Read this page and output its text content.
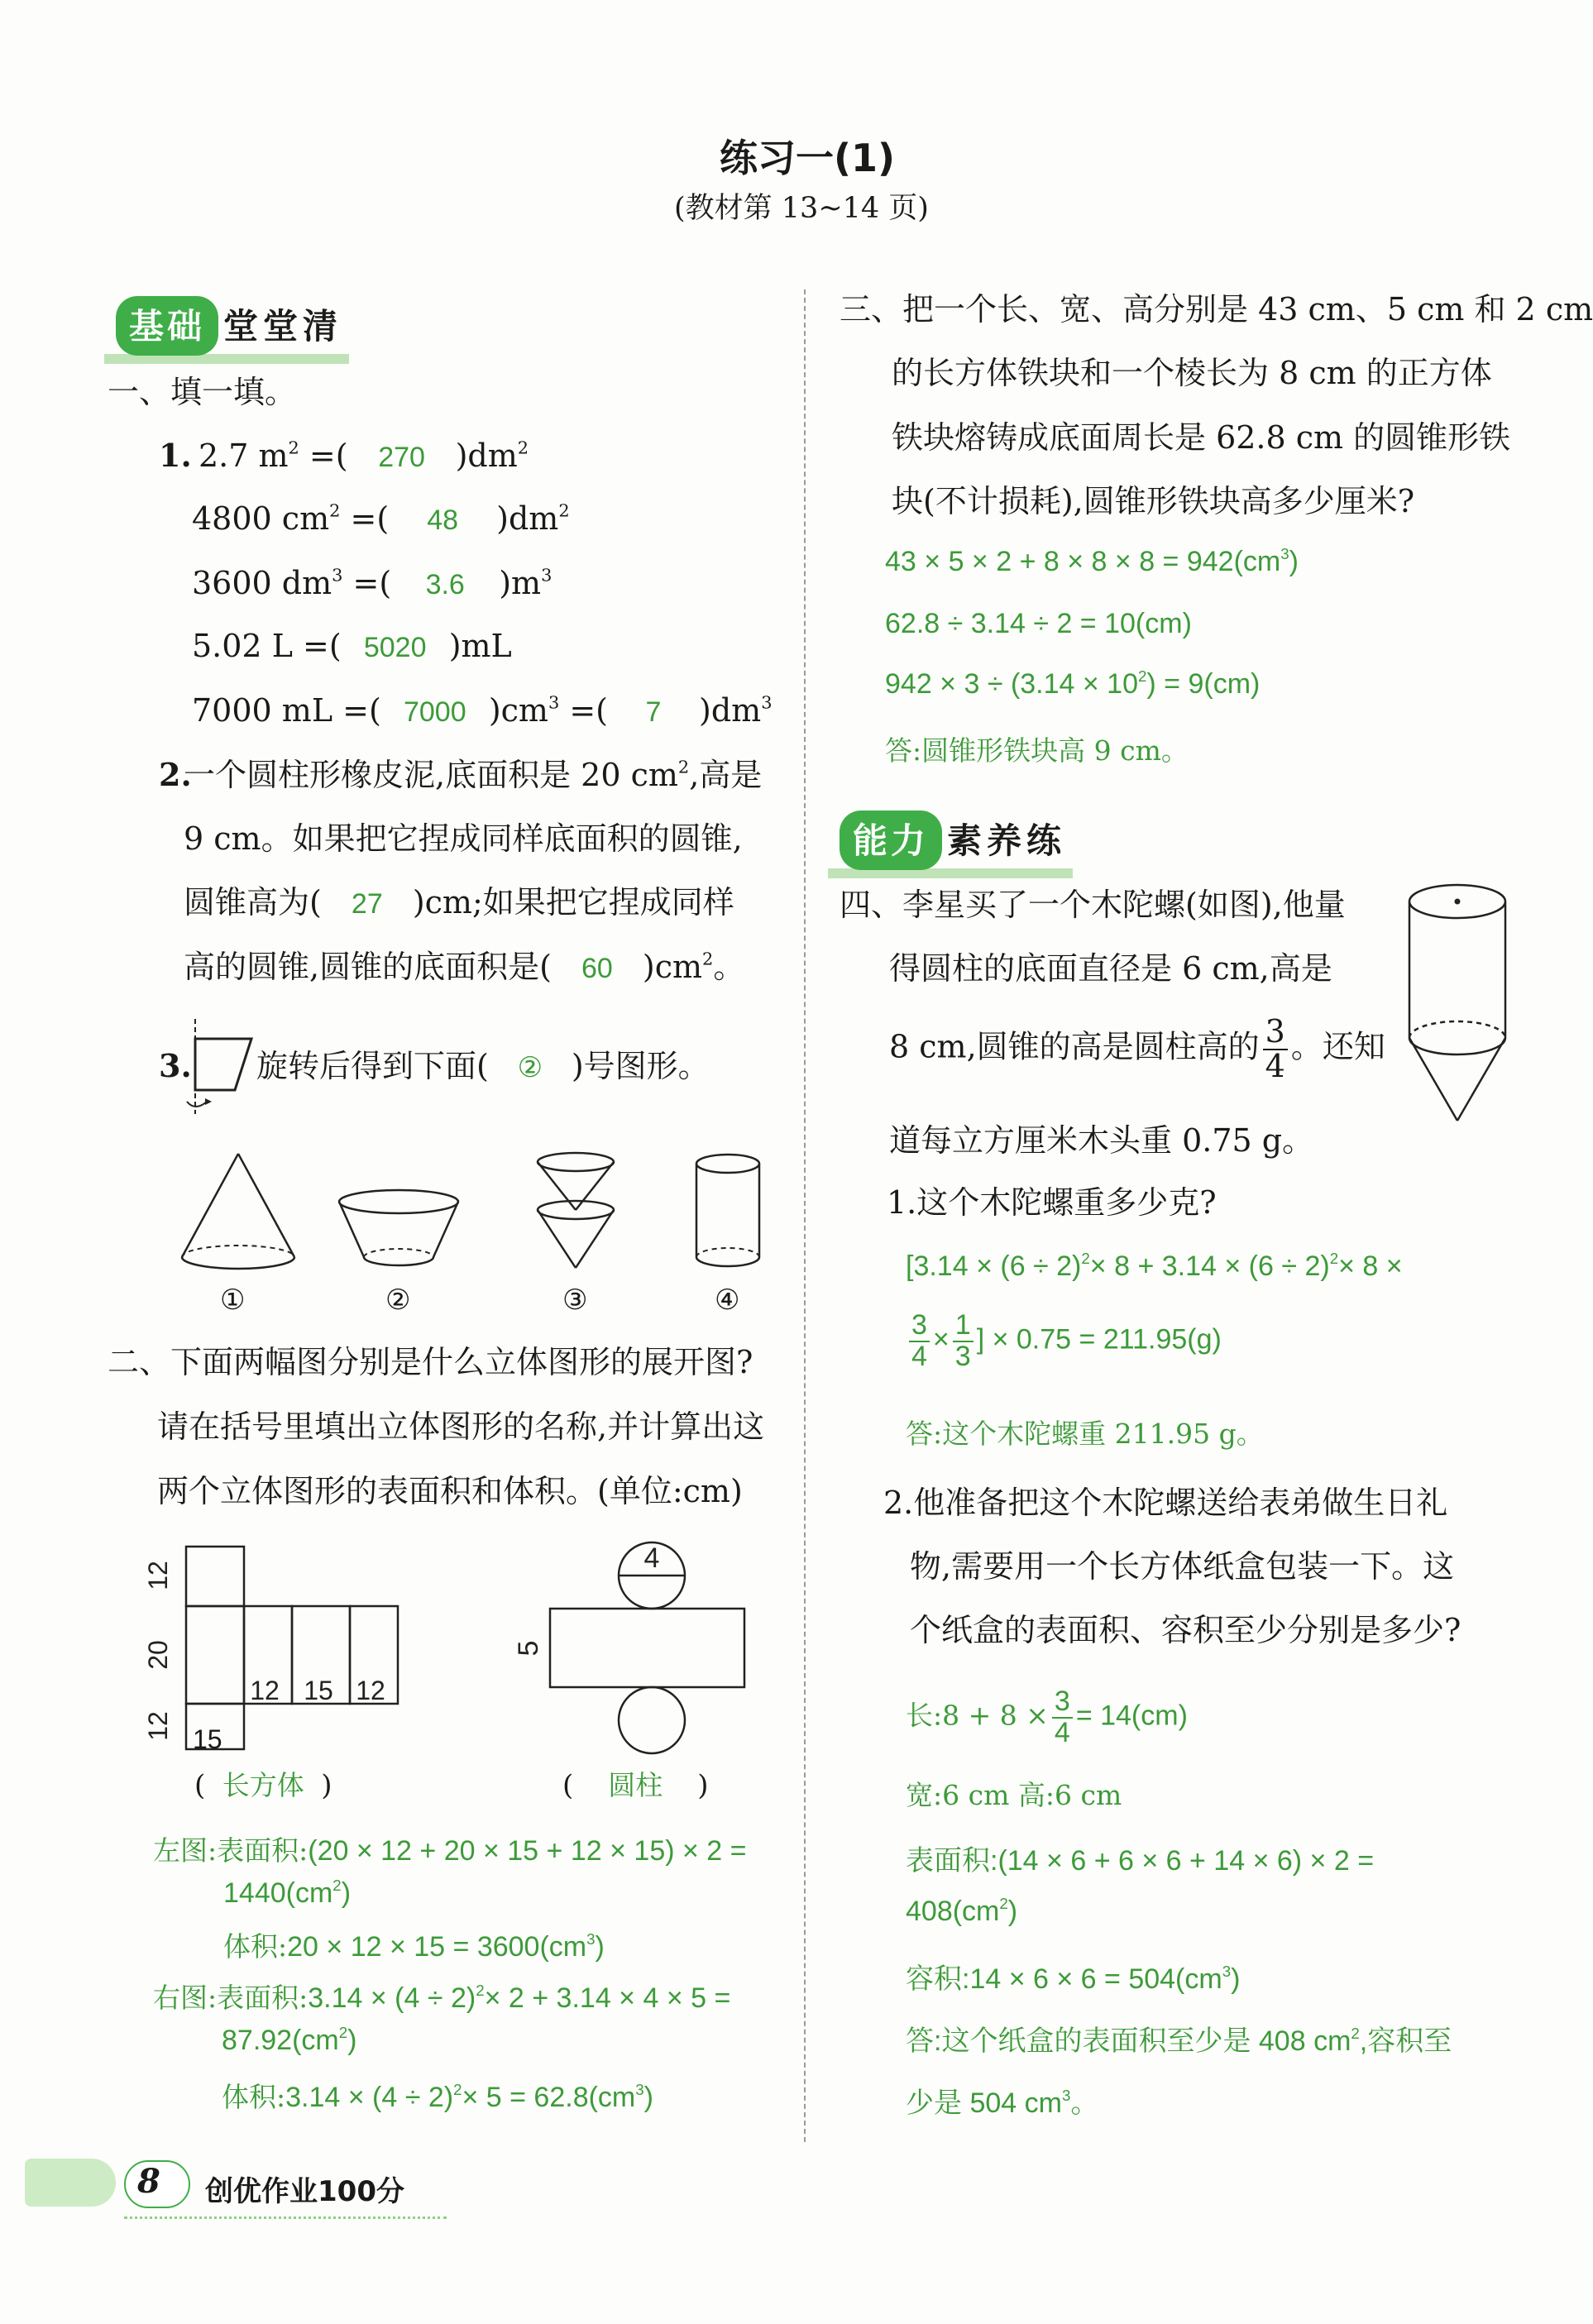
练习一(1)
(教材第 13~14 页)
基础 堂堂清
能力 素养练
一、填一填。
1. 2.7 $m^2$ =( 270 )$dm^2$
4800 $cm^2$ =( 48 )$dm^2$
3600 $dm^3$ =( 3.6 )$m^3$
5.02 L =( 5020 )mL
7000 mL =( 7000 )$cm^3$ =( 7 )$dm^3$
2.
一个圆柱形橡皮泥,底面积是 20 $cm^2$,高是
9 cm。如果把它捏成同样底面积的圆锥,
圆锥高为( 27 )cm;如果把它捏成同样
高的圆锥,圆锥的底面积是( 60 )$cm^2$。
3. 旋转后得到下面( ② )号图形。
①	②	③	④
二、下面两幅图分别是什么立体图形的展开图?
请在括号里填出立体图形的名称,并计算出这
两个立体图形的表面积和体积。(单位:cm)
12
20
12
12 15 12
15
4
5
( 长方体 )	( 圆柱 )
左图:表面积:(20 × 12 + 20 × 15 + 12 × 15) × 2 =
$1440(cm^2)$
体积:20 × $12 \times 15 = 3600(cm^3)$
右图:表面积:3.14 × $(4 \div 2)^2\times 2 + 3.14 \times 4 \times 5$ =
$87.92(cm^2)$
体积:3.14 × $(4 \div 2)^2\times 5 = 62.8(cm^3)$
三、把一个长、宽、高分别是 43 cm、5 cm 和 2 cm
的长方体铁块和一个棱长为 8 cm 的正方体
铁块熔铸成底面周长是 62.8 cm 的圆锥形铁
块(不计损耗),圆锥形铁块高多少厘米?
$43 \times 5 \times 2 + 8 \times 8 \times 8 = 942(cm^3)$
62.8 ÷ 3.14 ÷ 2 = 10(cm)
$942 \times 3 \div (3.14 \times 10^2) = 9(cm)$
答:圆锥形铁块高 9 cm。
四、李星买了一个木陀螺(如图),他量
得圆柱的底面直径是 6 cm,高是
8 cm,圆锥的高是圆柱高的 $\frac{3}{4}$ 。还知
道每立方厘米木头重 0.75 g。
1.这个木陀螺重多少克?
[$3.14 \times (6 \div 2)^2\times 8 + 3.14 \times (6 \div 2)^2\times 8$ ×
$\frac{3}{4} \times \frac{1}{3}$ ] × 0.75 = 211.95(g)
答:这个木陀螺重 211.95 g。
2.他准备把这个木陀螺送给表弟做生日礼
物,需要用一个长方体纸盒包装一下。这
个纸盒的表面积、容积至少分别是多少?
长:8 + $8 \times \frac{3}{4} = 14(cm)$
宽:6 cm 高:6 cm
表面积:(14 × 6 + 6 × 6 + 14 × 6) × 2 =
$408(cm^2)$
容积:14 × $6 \times 6 = 504(cm^3)$
答:这个纸盒的表面积至少是 408 $cm^2$,容积至
少是 504 $cm^3$。
8 创优作业100分
